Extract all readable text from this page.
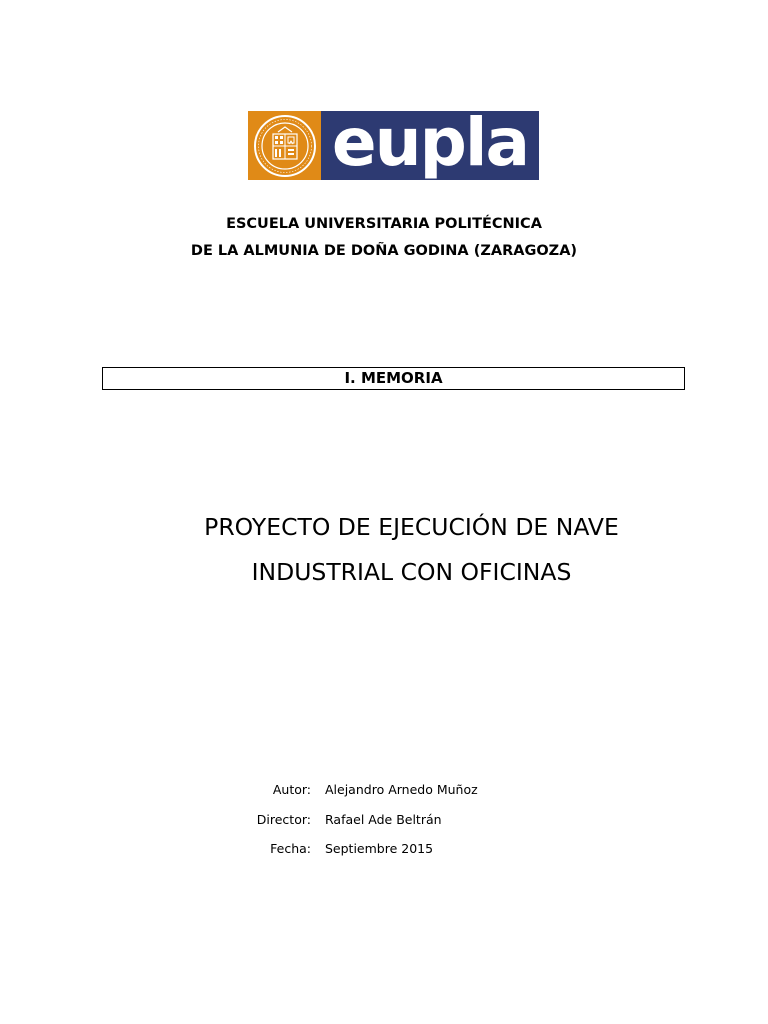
eupla
ESCUELA UNIVERSITARIA POLITÉCNICA
DE LA ALMUNIA DE DOÑA GODINA (ZARAGOZA)
I. MEMORIA
PROYECTO DE EJECUCIÓN DE NAVE
INDUSTRIAL CON OFICINAS
Autor: Alejandro Arnedo Muñoz
Director: Rafael Ade Beltrán
Fecha: Septiembre 2015
